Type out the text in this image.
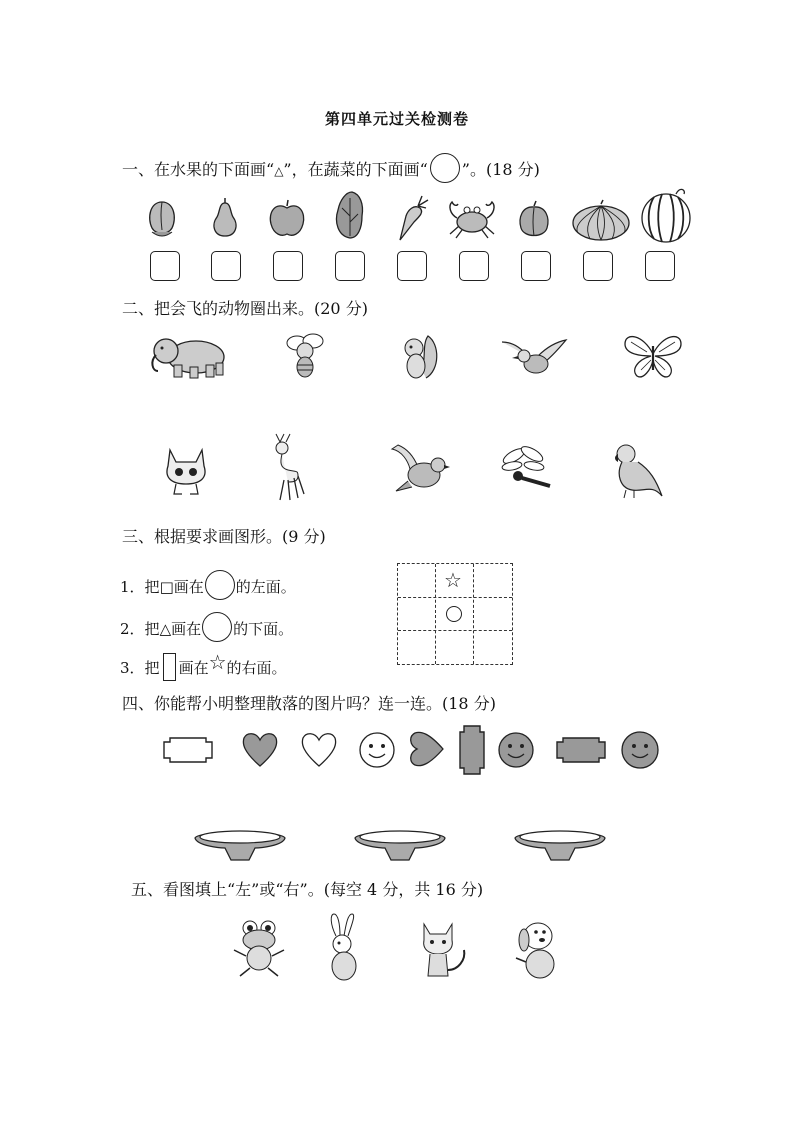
第四单元过关检测卷
一、在水果的下面画“△”，在蔬菜的下面画“ ”。(18 分)
二、把会飞的动物圈出来。(20 分)
三、根据要求画图形。(9 分)
1．把□画在 的左面。
2．把△画在 的下面。
3．把 画在☆的右面。
☆
四、你能帮小明整理散落的图片吗？连一连。(18 分)
五、看图填上“左”或“右”。(每空 4 分，共 16 分)
